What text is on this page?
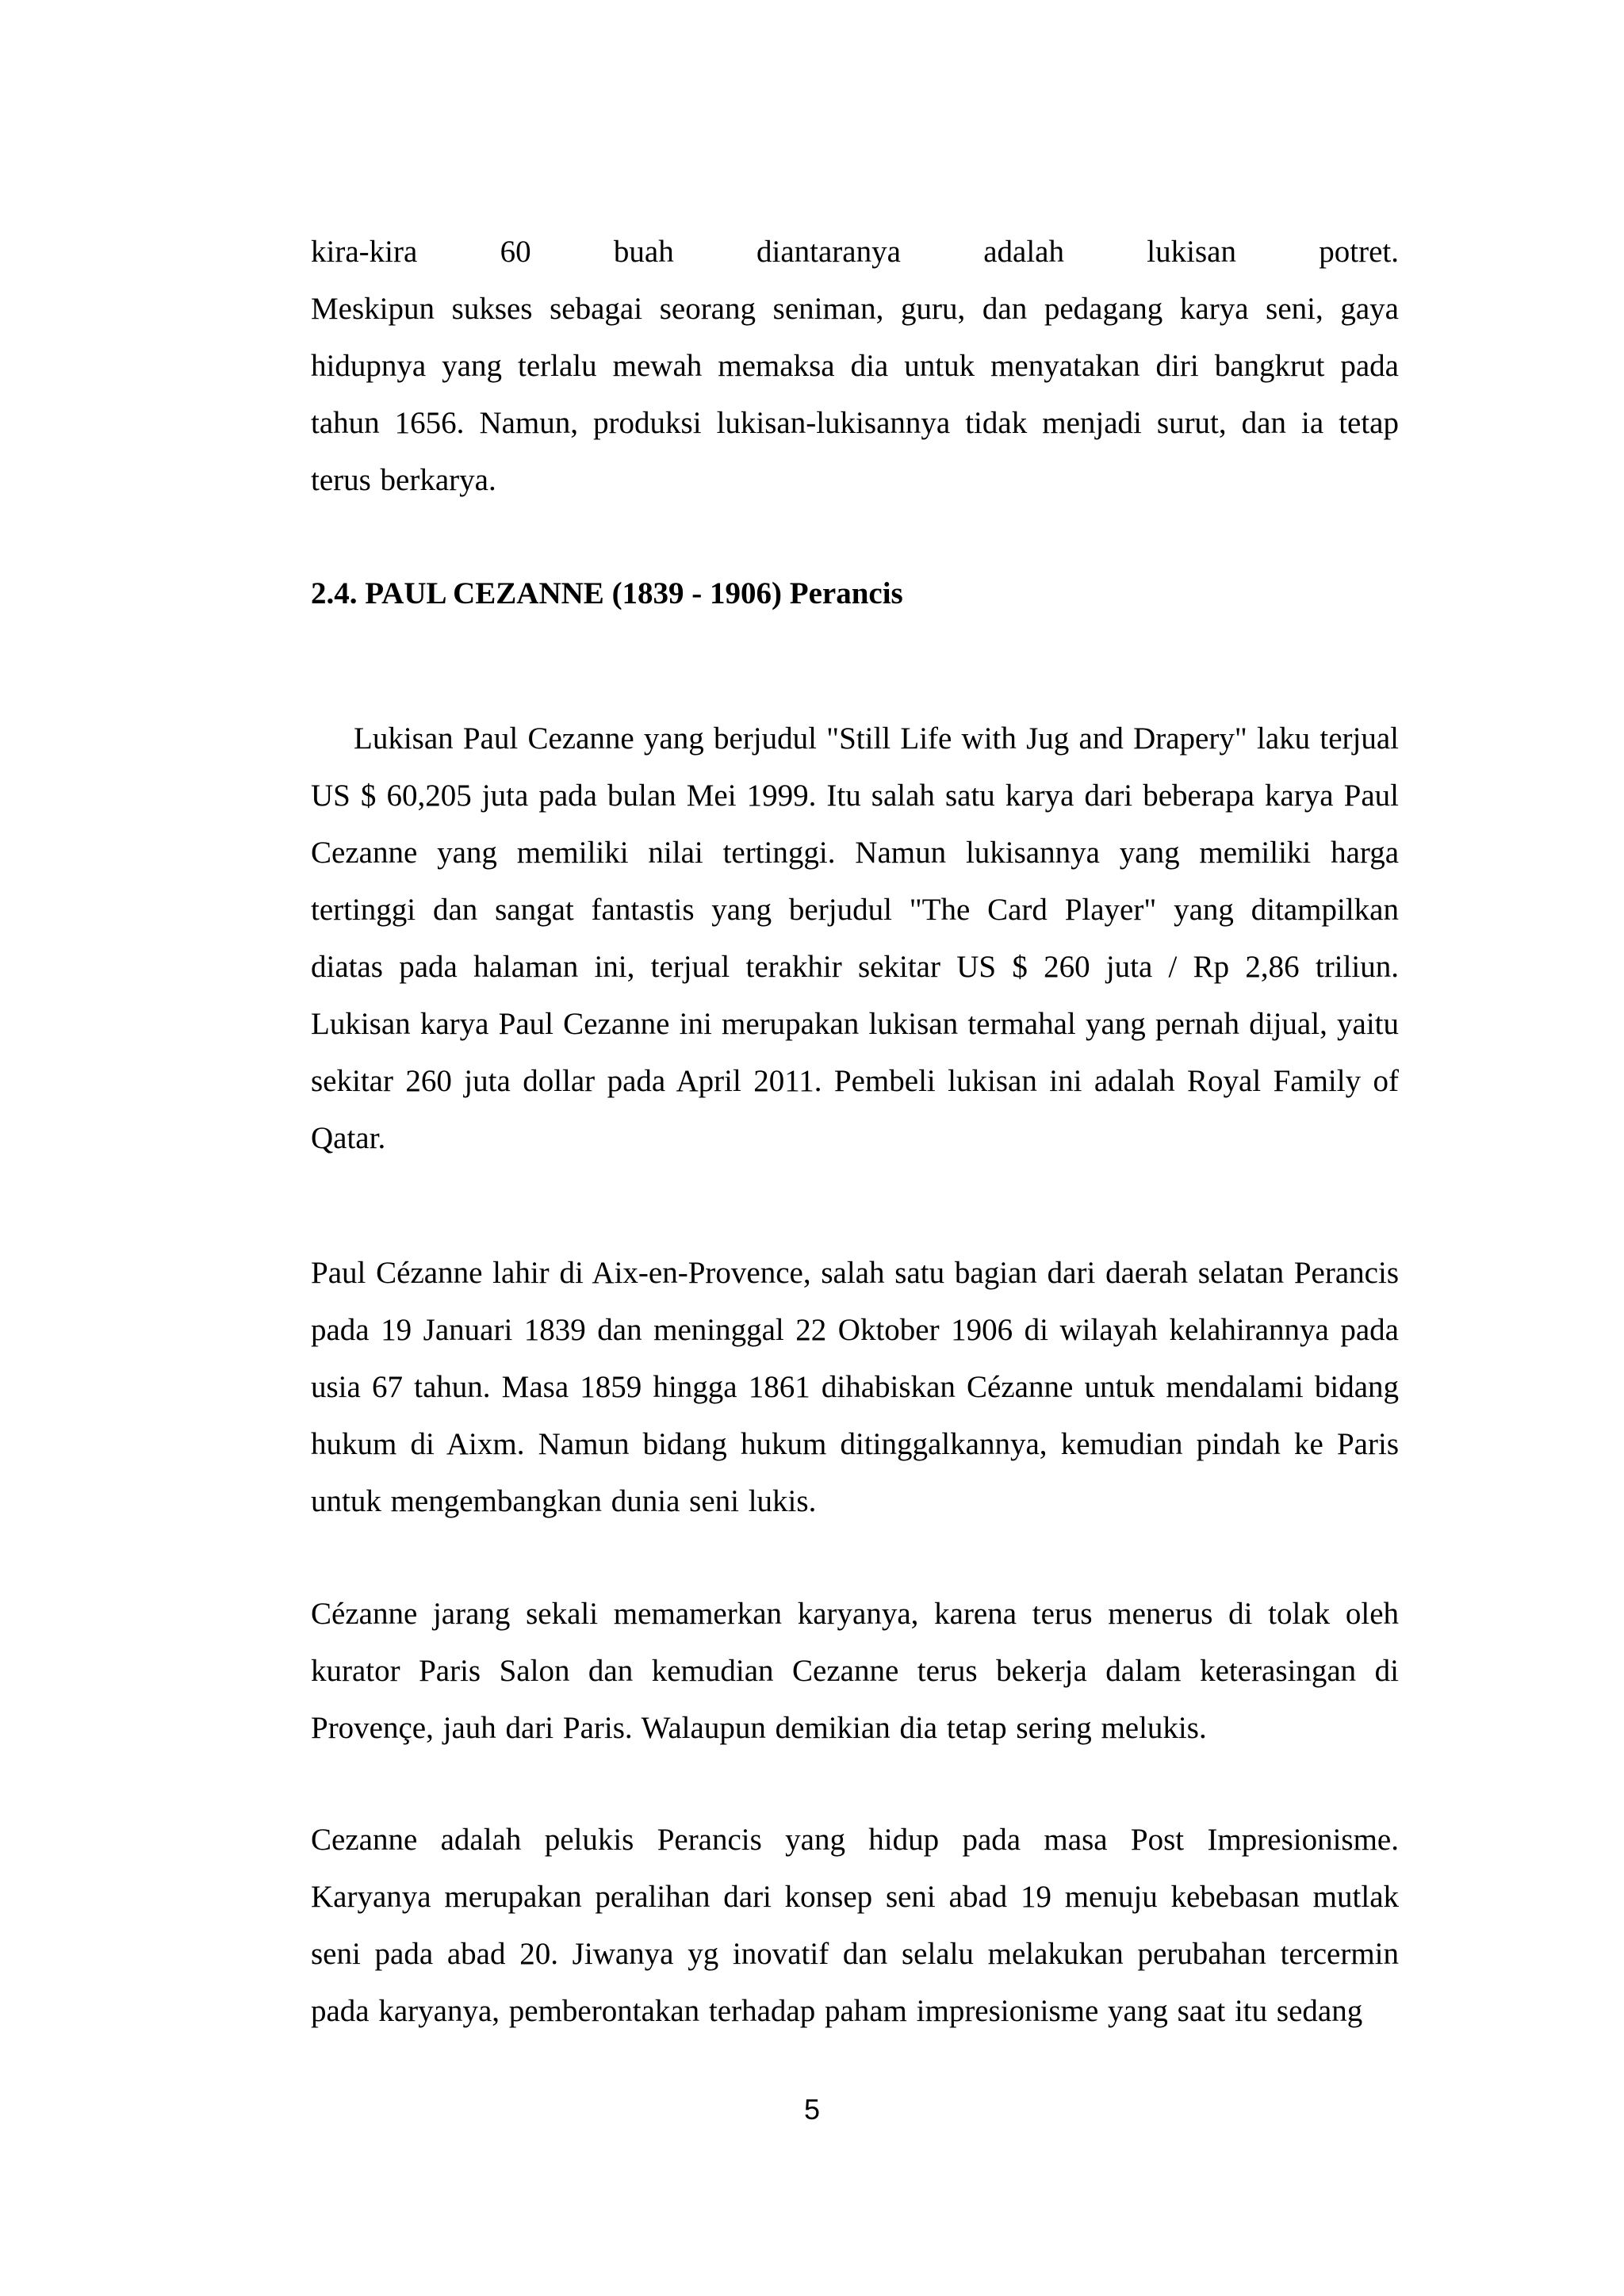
kira-kira 60 buah diantaranya adalah lukisan potret.

Meskipun sukses sebagai seorang seniman, guru, dan pedagang karya seni, gaya hidupnya yang terlalu mewah memaksa dia untuk menyatakan diri bangkrut pada tahun 1656. Namun, produksi lukisan-lukisannya tidak menjadi surut, dan ia tetap terus berkarya.

2.4. PAUL CEZANNE (1839 - 1906) Perancis

Lukisan Paul Cezanne yang berjudul "Still Life with Jug and Drapery" laku terjual US $ 60,205 juta pada bulan Mei 1999. Itu salah satu karya dari beberapa karya Paul Cezanne yang memiliki nilai tertinggi. Namun lukisannya yang memiliki harga tertinggi dan sangat fantastis yang berjudul "The Card Player" yang ditampilkan diatas pada halaman ini, terjual terakhir sekitar US $ 260 juta / Rp 2,86 triliun. Lukisan karya Paul Cezanne ini merupakan lukisan termahal yang pernah dijual, yaitu sekitar 260 juta dollar pada April 2011. Pembeli lukisan ini adalah Royal Family of Qatar.

Paul Cézanne lahir di Aix-en-Provence, salah satu bagian dari daerah selatan Perancis pada 19 Januari 1839 dan meninggal 22 Oktober 1906 di wilayah kelahirannya pada usia 67 tahun. Masa 1859 hingga 1861 dihabiskan Cézanne untuk mendalami bidang hukum di Aixm. Namun bidang hukum ditinggalkannya, kemudian pindah ke Paris untuk mengembangkan dunia seni lukis.

Cézanne jarang sekali memamerkan karyanya, karena terus menerus di tolak oleh kurator Paris Salon dan kemudian Cezanne terus bekerja dalam keterasingan di Provençe, jauh dari Paris. Walaupun demikian dia tetap sering melukis.

Cezanne adalah pelukis Perancis yang hidup pada masa Post Impresionisme. Karyanya merupakan peralihan dari konsep seni abad 19 menuju kebebasan mutlak seni pada abad 20. Jiwanya yg inovatif dan selalu melakukan perubahan tercermin pada karyanya, pemberontakan terhadap paham impresionisme yang saat itu sedang

5
